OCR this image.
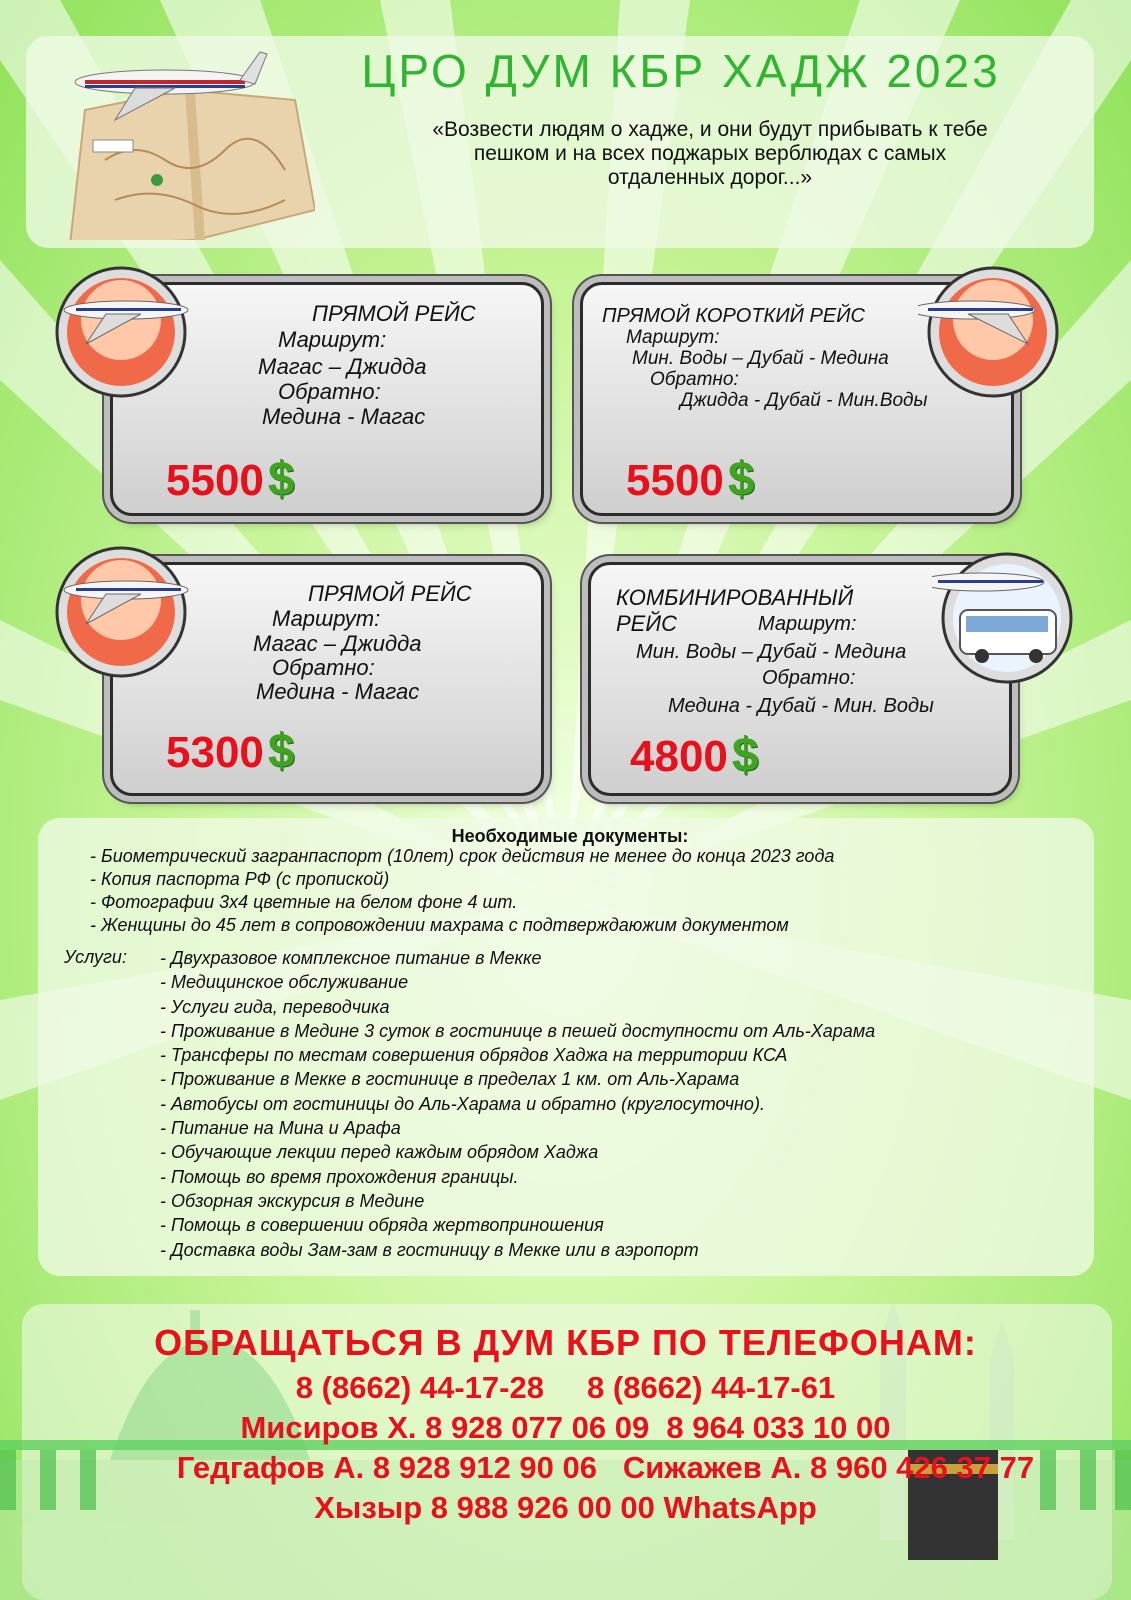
ЦРО ДУМ КБР ХАДЖ 2023
«Возвести людям о хадже, и они будут прибывать к тебе
пешком и на всех поджарых верблюдах с самых
отдаленных дорог...»
ПРЯМОЙ РЕЙС
Маршрут:
Магас – Джидда
Обратно:
Медина - Магас
5500$
ПРЯМОЙ КОРОТКИЙ РЕЙС
Маршрут:
Мин. Воды – Дубай - Медина
Обратно:
Джидда - Дубай - Мин.Воды
5500$
ПРЯМОЙ РЕЙС
Маршрут:
Магас – Джидда
Обратно:
Медина - Магас
5300$
КОМБИНИРОВАННЫЙ
РЕЙС	Маршрут:
Мин. Воды – Дубай - Медина
Обратно:
Медина - Дубай - Мин. Воды
4800$
Необходимые документы:
- Биометрический загранпаспорт (10лет) срок действия не менее до конца 2023 года
- Копия паспорта РФ (с пропиской)
- Фотографии 3х4 цветные на белом фоне 4 шт.
- Женщины до 45 лет в сопровождении махрама с подтверждаюжим документом
Услуги: - Двухразовое комплексное питание в Мекке
- Медицинское обслуживание
- Услуги гида, переводчика
- Проживание в Медине 3 суток в гостинице в пешей доступности от Аль-Харама
- Трансферы по местам совершения обрядов Хаджа на территории КСА
- Проживание в Мекке в гостинице в пределах 1 км. от Аль-Харама
- Автобусы от гостиницы до Аль-Харама и обратно (круглосуточно).
- Питание на Мина и Арафа
- Обучающие лекции перед каждым обрядом Хаджа
- Помощь во время прохождения границы.
- Обзорная экскурсия в Медине
- Помощь в совершении обряда жертвоприношения
- Доставка воды Зам-зам в гостиницу в Мекке или в аэропорт
ОБРАЩАТЬСЯ В ДУМ КБР ПО ТЕЛЕФОНАМ:
8 (8662) 44-17-28 8 (8662) 44-17-61
Мисиров Х. 8 928 077 06 09  8 964 033 10 00
Гедгафов А. 8 928 912 90 06   Сижажев А. 8 960 426 37 77
Хызыр 8 988 926 00 00 WhatsApp
